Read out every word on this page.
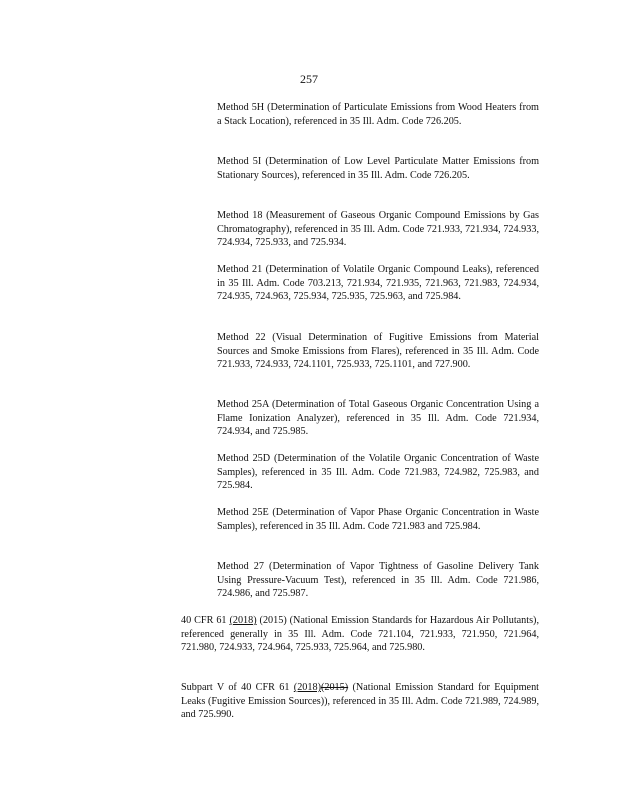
257

Method 5H (Determination of Particulate Emissions from Wood Heaters from a Stack Location), referenced in 35 Ill. Adm. Code 726.205.

Method 5I (Determination of Low Level Particulate Matter Emissions from Stationary Sources), referenced in 35 Ill. Adm. Code 726.205.

Method 18 (Measurement of Gaseous Organic Compound Emissions by Gas Chromatography), referenced in 35 Ill. Adm. Code 721.933, 721.934, 724.933, 724.934, 725.933, and 725.934.

Method 21 (Determination of Volatile Organic Compound Leaks), referenced in 35 Ill. Adm. Code 703.213, 721.934, 721.935, 721.963, 721.983, 724.934, 724.935, 724.963, 725.934, 725.935, 725.963, and 725.984.

Method 22 (Visual Determination of Fugitive Emissions from Material Sources and Smoke Emissions from Flares), referenced in 35 Ill. Adm. Code 721.933, 724.933, 724.1101, 725.933, 725.1101, and 727.900.

Method 25A (Determination of Total Gaseous Organic Concentration Using a Flame Ionization Analyzer), referenced in 35 Ill. Adm. Code 721.934, 724.934, and 725.985.

Method 25D (Determination of the Volatile Organic Concentration of Waste Samples), referenced in 35 Ill. Adm. Code 721.983, 724.982, 725.983, and 725.984.

Method 25E (Determination of Vapor Phase Organic Concentration in Waste Samples), referenced in 35 Ill. Adm. Code 721.983 and 725.984.

Method 27 (Determination of Vapor Tightness of Gasoline Delivery Tank Using Pressure-Vacuum Test), referenced in 35 Ill. Adm. Code 721.986, 724.986, and 725.987.

40 CFR 61 (2018) (2015) (National Emission Standards for Hazardous Air Pollutants), referenced generally in 35 Ill. Adm. Code 721.104, 721.933, 721.950, 721.964, 721.980, 724.933, 724.964, 725.933, 725.964, and 725.980.

Subpart V of 40 CFR 61 (2018)(2015) (National Emission Standard for Equipment Leaks (Fugitive Emission Sources)), referenced in 35 Ill. Adm. Code 721.989, 724.989, and 725.990.
